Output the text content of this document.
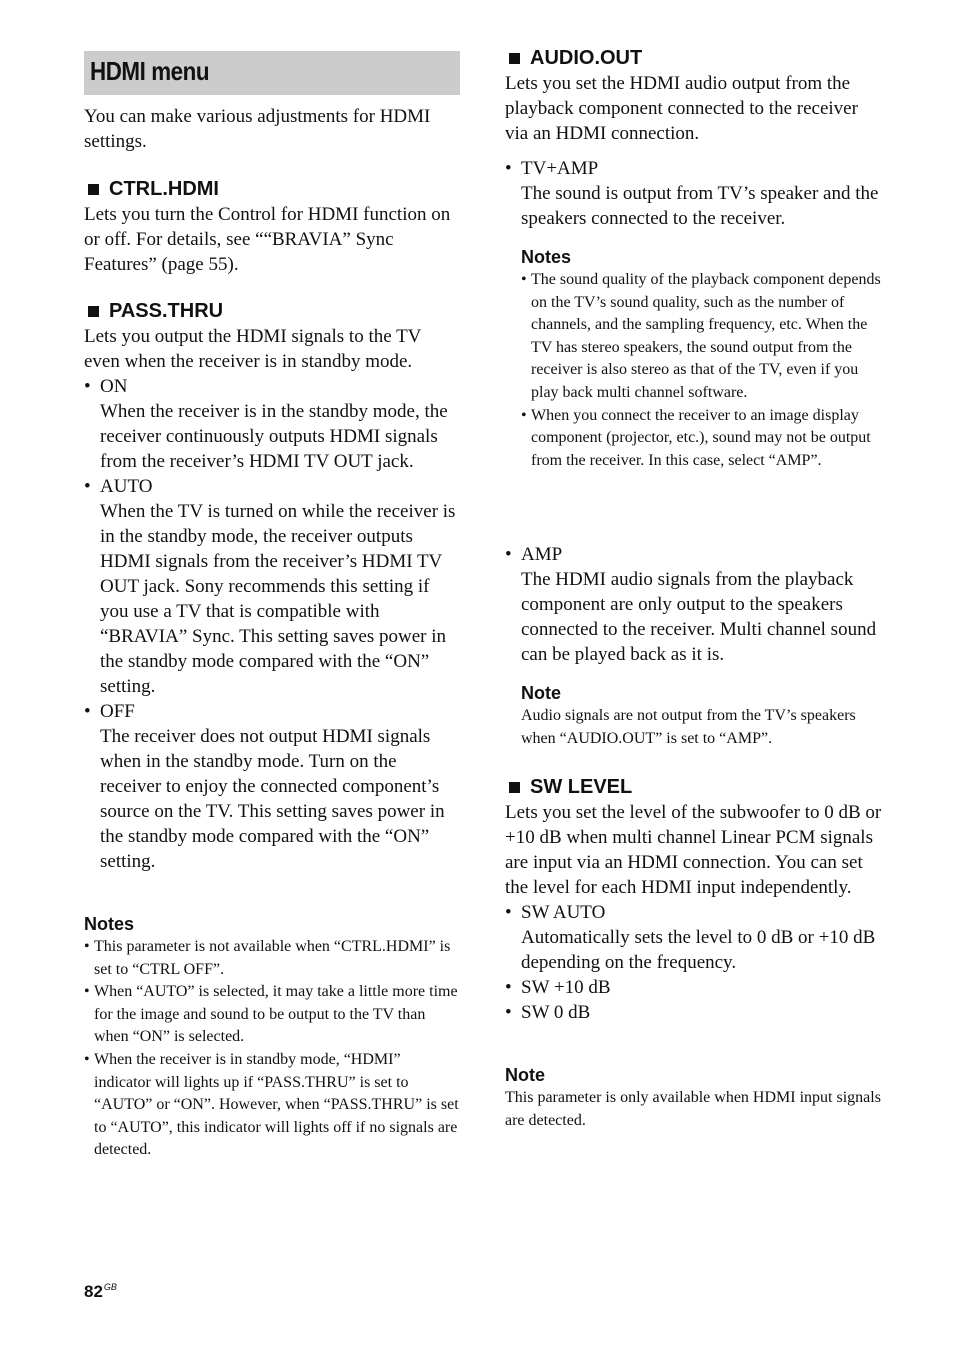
HDMI menu

You can make various adjustments for HDMI settings.

CTRL.HDMI

Lets you turn the Control for HDMI function on or off. For details, see ““BRAVIA” Sync Features” (page 55).

PASS.THRU

Lets you output the HDMI signals to the TV even when the receiver is in standby mode.

• ON
When the receiver is in the standby mode, the receiver continuously outputs HDMI signals from the receiver’s HDMI TV OUT jack.
• AUTO
When the TV is turned on while the receiver is in the standby mode, the receiver outputs HDMI signals from the receiver’s HDMI TV OUT jack. Sony recommends this setting if you use a TV that is compatible with “BRAVIA” Sync. This setting saves power in the standby mode compared with the “ON” setting.
• OFF
The receiver does not output HDMI signals when in the standby mode. Turn on the receiver to enjoy the connected component’s source on the TV. This setting saves power in the standby mode compared with the “ON” setting.

Notes

• This parameter is not available when “CTRL.HDMI” is set to “CTRL OFF”.
• When “AUTO” is selected, it may take a little more time for the image and sound to be output to the TV than when “ON” is selected.
• When the receiver is in standby mode, “HDMI” indicator will lights up if “PASS.THRU” is set to “AUTO” or “ON”. However, when “PASS.THRU” is set to “AUTO”, this indicator will lights off if no signals are detected.
AUDIO.OUT

Lets you set the HDMI audio output from the playback component connected to the receiver via an HDMI connection.

• TV+AMP
The sound is output from TV’s speaker and the speakers connected to the receiver.

Notes

• The sound quality of the playback component depends on the TV’s sound quality, such as the number of channels, and the sampling frequency, etc. When the TV has stereo speakers, the sound output from the receiver is also stereo as that of the TV, even if you play back multi channel software.
• When you connect the receiver to an image display component (projector, etc.), sound may not be output from the receiver. In this case, select “AMP”.
• AMP
The HDMI audio signals from the playback component are only output to the speakers connected to the receiver. Multi channel sound can be played back as it is.

Note

Audio signals are not output from the TV’s speakers when “AUDIO.OUT” is set to “AMP”.
SW LEVEL

Lets you set the level of the subwoofer to 0 dB or +10 dB when multi channel Linear PCM signals are input via an HDMI connection. You can set the level for each HDMI input independently.

• SW AUTO
Automatically sets the level to 0 dB or +10 dB depending on the frequency.
• SW +10 dB
• SW 0 dB

Note

This parameter is only available when HDMI input signals are detected.
$82^{GB}$
